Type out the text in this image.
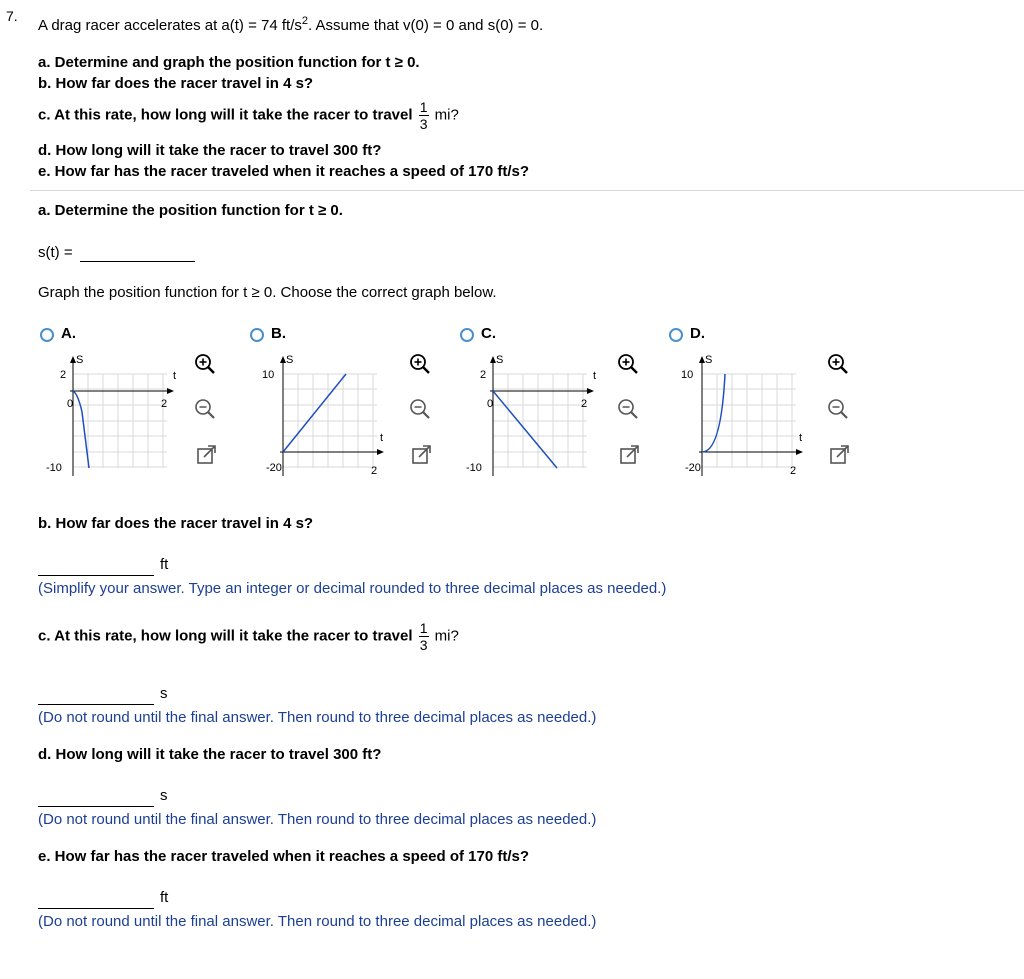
7.
A drag racer accelerates at a(t) = 74 $ft/s^2$. Assume that v(0) = 0 and s(0) = 0.
a. Determine and graph the position function for t ≥ 0.
b. How far does the racer travel in 4 s?
c. At this rate, how long will it take the racer to travel $\frac{1}{3}$ mi?
d. How long will it take the racer to travel 300 ft?
e. How far has the racer traveled when it reaches a speed of 170 ft/s?
a. Determine the position function for t ≥ 0.
s(t) =
Graph the position function for t ≥ 0. Choose the correct graph below.
A.	B.	C.	D.
S
t
2
0	2
-10
S
t
10
2
-20
S
t
2
0	2
-10
S
t
10
2
-20
b. How far does the racer travel in 4 s?
ft
(Simplify your answer. Type an integer or decimal rounded to three decimal places as needed.)
c. At this rate, how long will it take the racer to travel $\frac{1}{3}$ mi?
s
(Do not round until the final answer. Then round to three decimal places as needed.)
d. How long will it take the racer to travel 300 ft?
s
(Do not round until the final answer. Then round to three decimal places as needed.)
e. How far has the racer traveled when it reaches a speed of 170 ft/s?
ft
(Do not round until the final answer. Then round to three decimal places as needed.)
